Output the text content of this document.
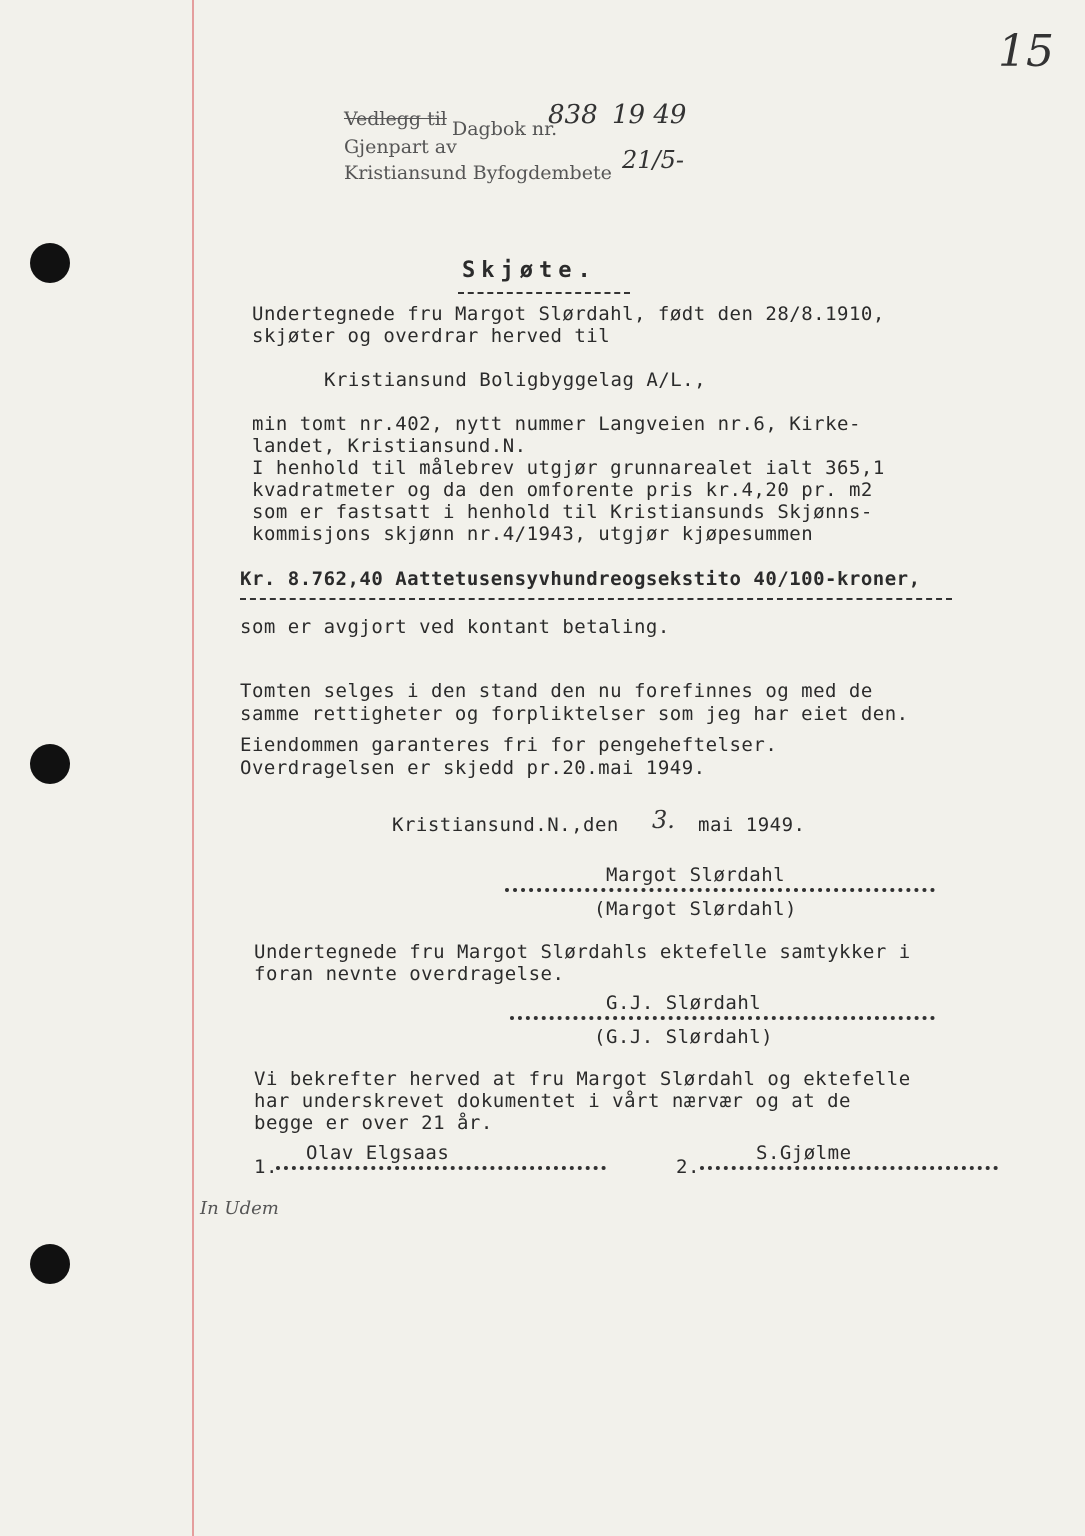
15
Vedlegg til Dagbok nr.
Gjenpart av
Kristiansund Byfogdembete
838 19 49
21/5-
Skjøte.
Undertegnede fru Margot Slørdahl, født den 28/8.1910,
skjøter og overdrar herved til
Kristiansund Boligbyggelag A/L.,
min tomt nr.402, nytt nummer Langveien nr.6, Kirke-
landet, Kristiansund.N.
I henhold til målebrev utgjør grunnarealet ialt 365,1
kvadratmeter og da den omforente pris kr.4,20 pr. m2
som er fastsatt i henhold til Kristiansunds Skjønns-
kommisjons skjønn nr.4/1943, utgjør kjøpesummen
Kr. 8.762,40 Aattetusensyvhundreogsekstito 40/100-kroner,
som er avgjort ved kontant betaling.
Tomten selges i den stand den nu forefinnes og med de
samme rettigheter og forpliktelser som jeg har eiet den.
Eiendommen garanteres fri for pengeheftelser.
Overdragelsen er skjedd pr.20.mai 1949.
Kristiansund.N.,den 3. mai 1949.
Margot Slørdahl
(Margot Slørdahl)
Undertegnede fru Margot Slørdahls ektefelle samtykker i
foran nevnte overdragelse.
G.J. Slørdahl
(G.J. Slørdahl)
Vi bekrefter herved at fru Margot Slørdahl og ektefelle
har underskrevet dokumentet i vårt nærvær og at de
begge er over 21 år.
1.
Olav Elgsaas
2.
S.Gjølme
In Udem
